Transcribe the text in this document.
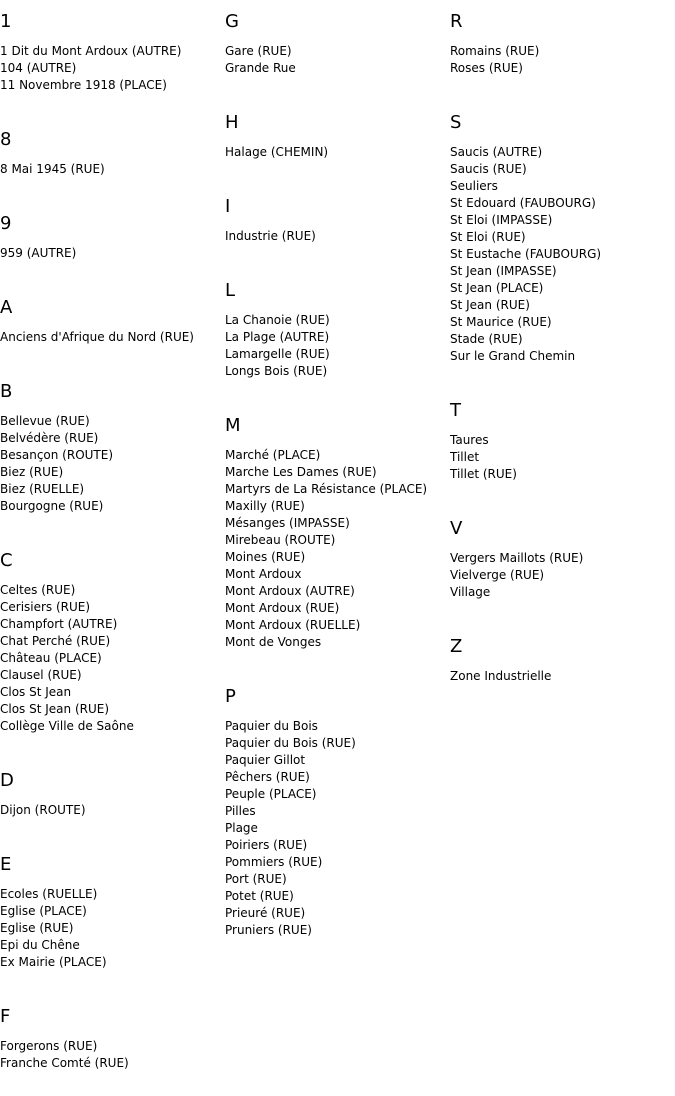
1
1 Dit du Mont Ardoux (AUTRE)
104 (AUTRE)
11 Novembre 1918 (PLACE)
8
8 Mai 1945 (RUE)
9
959 (AUTRE)
A
Anciens d'Afrique du Nord (RUE)
B
Bellevue (RUE)
Belvédère (RUE)
Besançon (ROUTE)
Biez (RUE)
Biez (RUELLE)
Bourgogne (RUE)
C
Celtes (RUE)
Cerisiers (RUE)
Champfort (AUTRE)
Chat Perché (RUE)
Château (PLACE)
Clausel (RUE)
Clos St Jean
Clos St Jean (RUE)
Collège Ville de Saône
D
Dijon (ROUTE)
E
Ecoles (RUELLE)
Eglise (PLACE)
Eglise (RUE)
Epi du Chêne
Ex Mairie (PLACE)
F
Forgerons (RUE)
Franche Comté (RUE)
G
Gare (RUE)
Grande Rue
H
Halage (CHEMIN)
I
Industrie (RUE)
L
La Chanoie (RUE)
La Plage (AUTRE)
Lamargelle (RUE)
Longs Bois (RUE)
M
Marché (PLACE)
Marche Les Dames (RUE)
Martyrs de La Résistance (PLACE)
Maxilly (RUE)
Mésanges (IMPASSE)
Mirebeau (ROUTE)
Moines (RUE)
Mont Ardoux
Mont Ardoux (AUTRE)
Mont Ardoux (RUE)
Mont Ardoux (RUELLE)
Mont de Vonges
P
Paquier du Bois
Paquier du Bois (RUE)
Paquier Gillot
Pêchers (RUE)
Peuple (PLACE)
Pilles
Plage
Poiriers (RUE)
Pommiers (RUE)
Port (RUE)
Potet (RUE)
Prieuré (RUE)
Pruniers (RUE)
R
Romains (RUE)
Roses (RUE)
S
Saucis (AUTRE)
Saucis (RUE)
Seuliers
St Edouard (FAUBOURG)
St Eloi (IMPASSE)
St Eloi (RUE)
St Eustache (FAUBOURG)
St Jean (IMPASSE)
St Jean (PLACE)
St Jean (RUE)
St Maurice (RUE)
Stade (RUE)
Sur le Grand Chemin
T
Taures
Tillet
Tillet (RUE)
V
Vergers Maillots (RUE)
Vielverge (RUE)
Village
Z
Zone Industrielle
